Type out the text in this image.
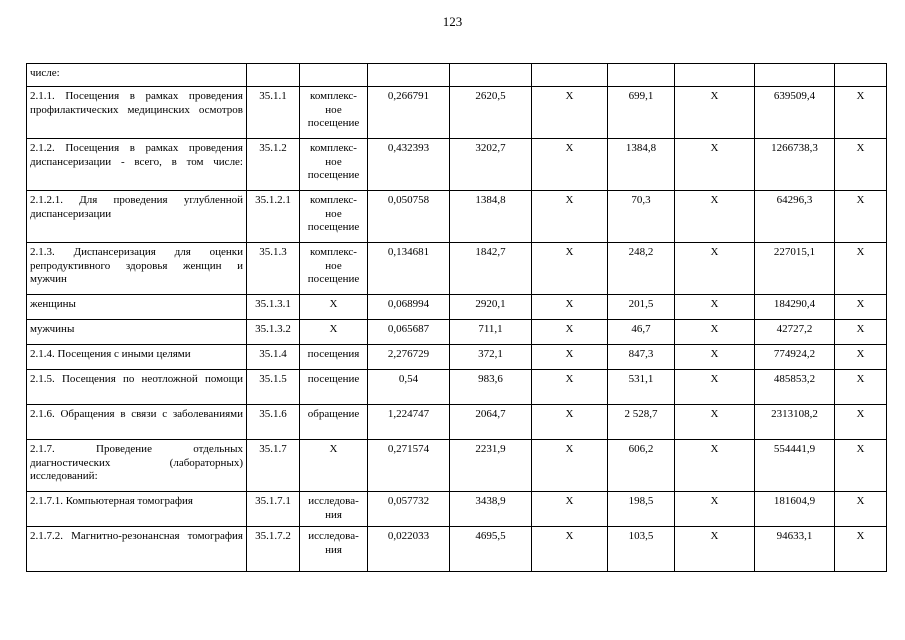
123
числе:									
2.1.1. Посещения в рамках проведения профилактических медицинских осмотров	35.1.1	комплекс-ное посещение	0,266791	2620,5	X	699,1	X	639509,4	X
2.1.2. Посещения в рамках проведения диспансеризации - всего, в том числе:	35.1.2	комплекс-ное посещение	0,432393	3202,7	X	1384,8	X	1266738,3	X
2.1.2.1. Для проведения углубленной диспансеризации	35.1.2.1	комплекс-ное посещение	0,050758	1384,8	X	70,3	X	64296,3	X
2.1.3. Диспансеризация для оценки репродуктивного здоровья женщин и мужчин	35.1.3	комплекс-ное посещение	0,134681	1842,7	X	248,2	X	227015,1	X
женщины	35.1.3.1	X	0,068994	2920,1	X	201,5	X	184290,4	X
мужчины	35.1.3.2	X	0,065687	711,1	X	46,7	X	42727,2	X
2.1.4. Посещения с иными целями	35.1.4	посещения	2,276729	372,1	X	847,3	X	774924,2	X
2.1.5. Посещения по неотложной помощи	35.1.5	посещение	0,54	983,6	X	531,1	X	485853,2	X
2.1.6. Обращения в связи с заболеваниями	35.1.6	обращение	1,224747	2064,7	X	2 528,7	X	2313108,2	X
2.1.7. Проведение отдельных диагностических (лабораторных) исследований:	35.1.7	X	0,271574	2231,9	X	606,2	X	554441,9	X
2.1.7.1. Компьютерная томография	35.1.7.1	исследова-ния	0,057732	3438,9	X	198,5	X	181604,9	X
2.1.7.2. Магнитно-резонансная томография	35.1.7.2	исследова-ния	0,022033	4695,5	X	103,5	X	94633,1	X
